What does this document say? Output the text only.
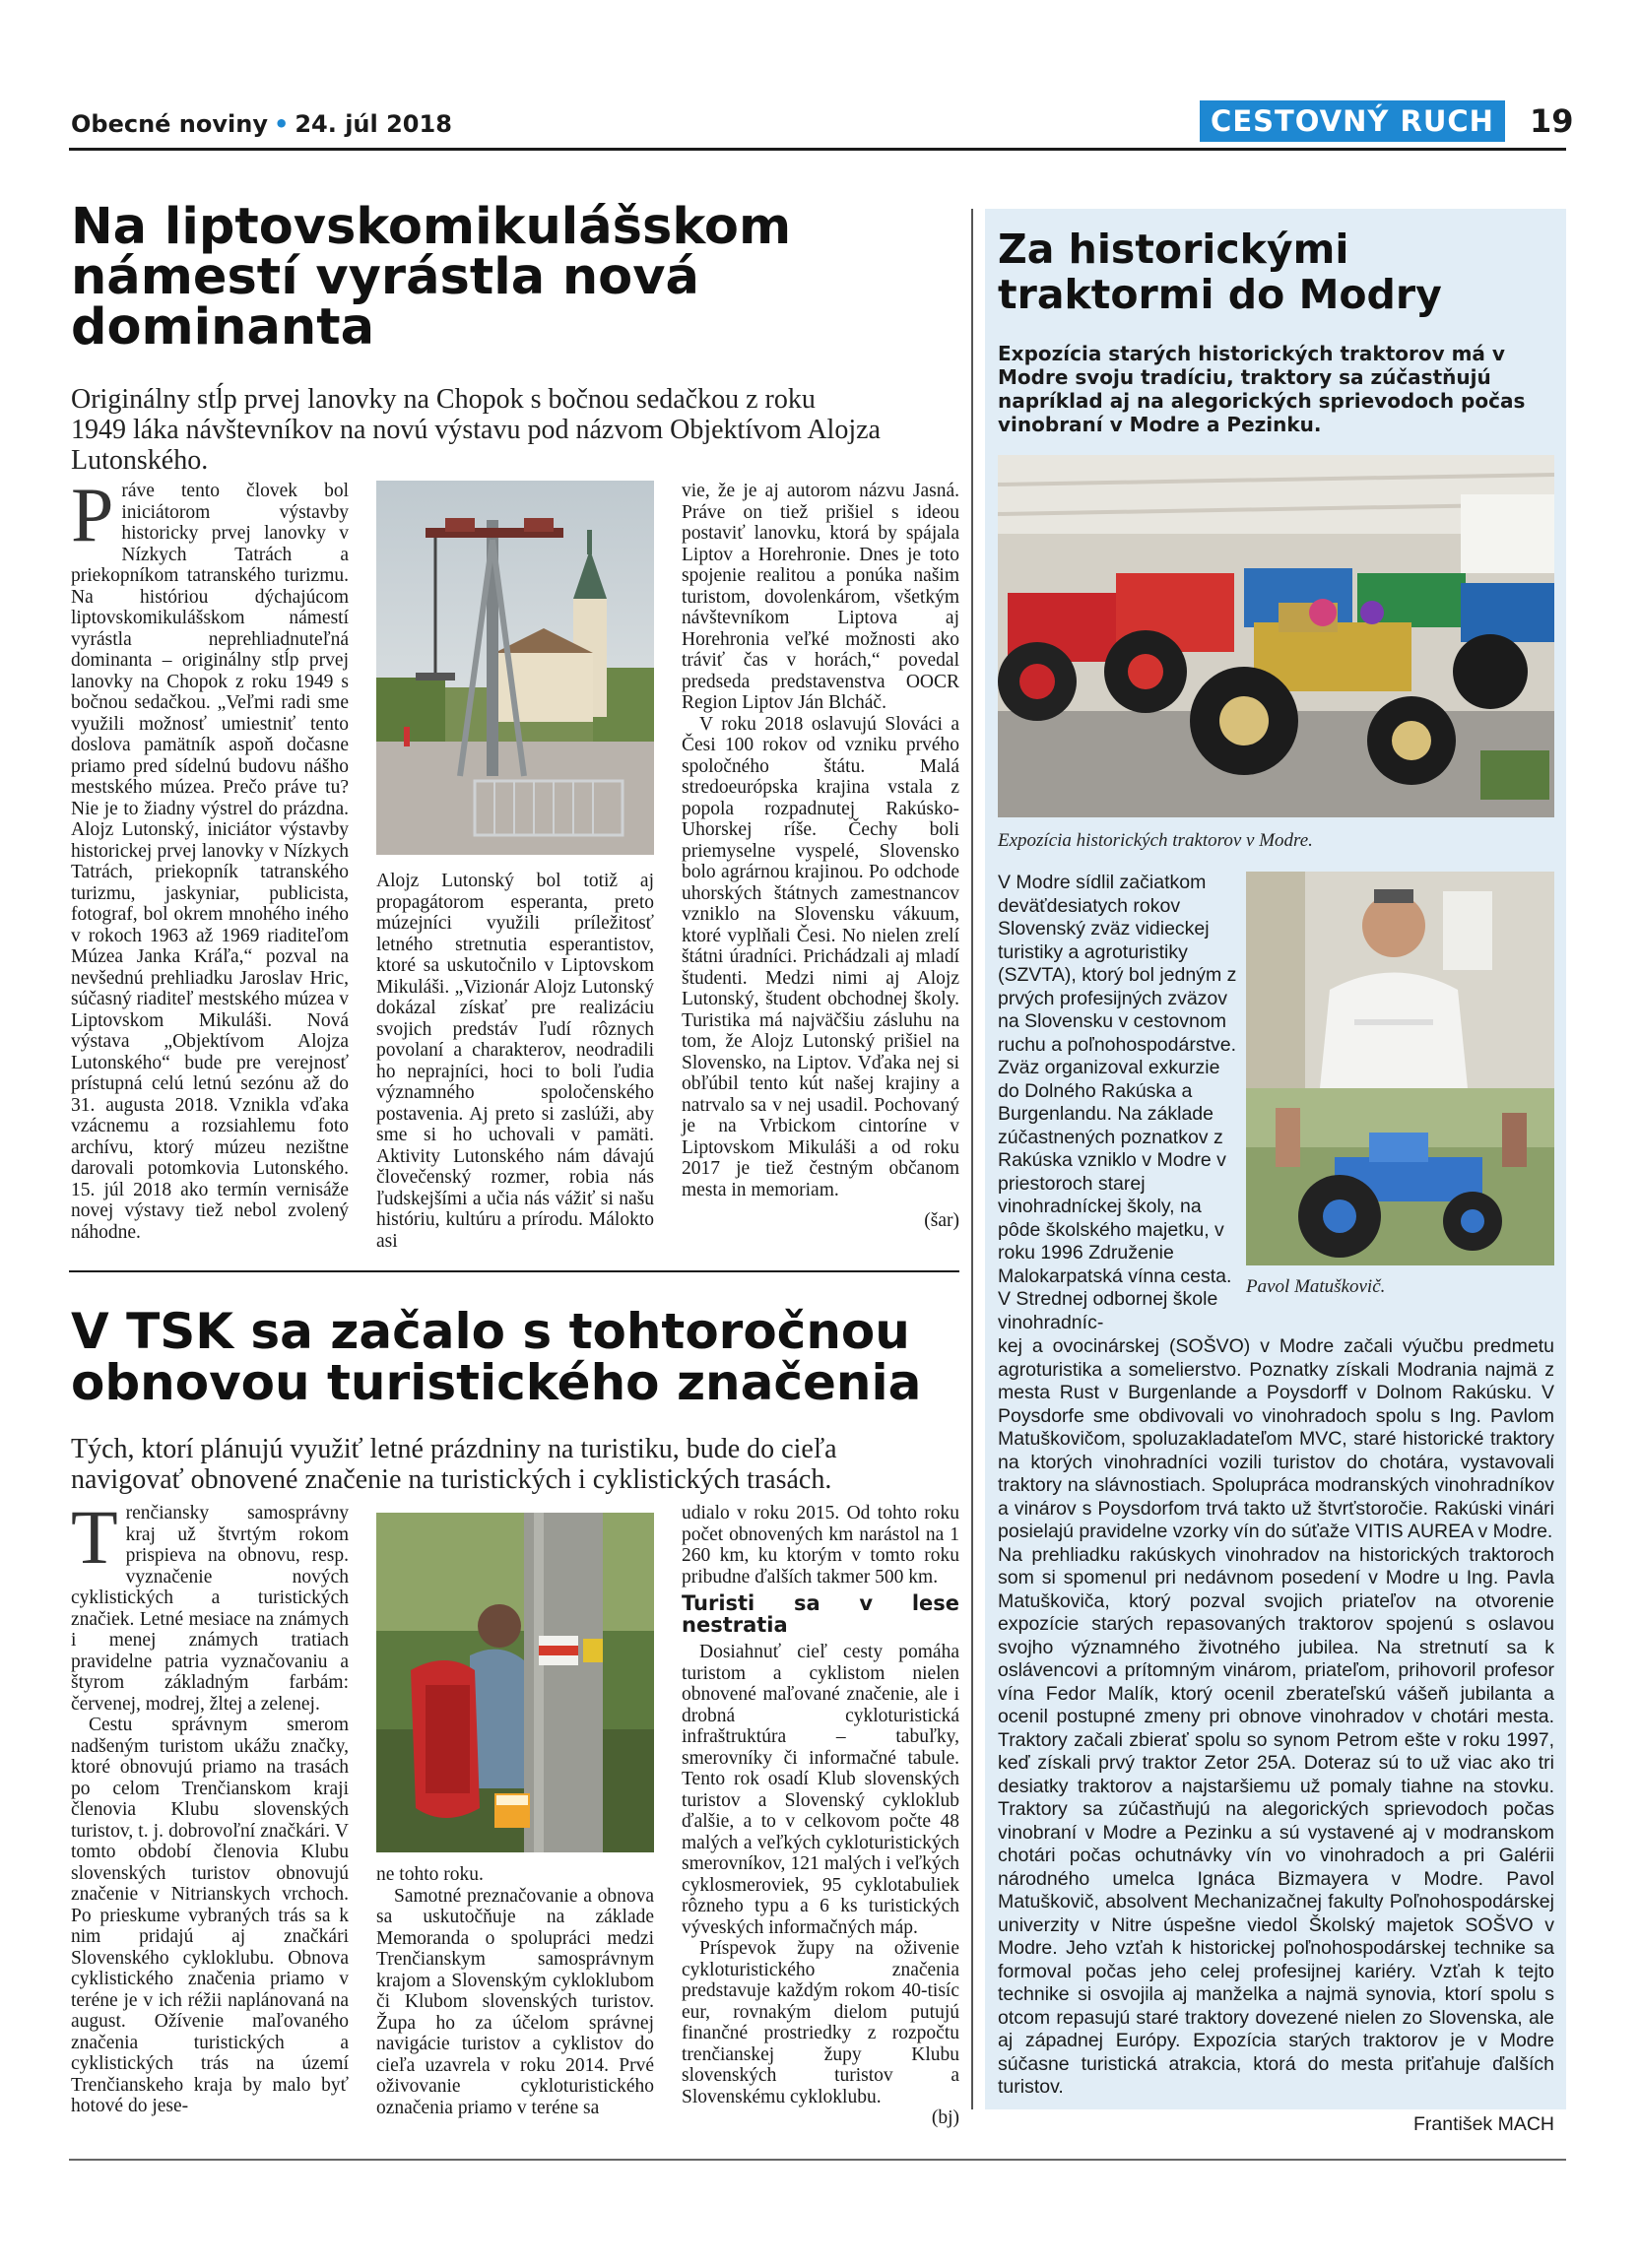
Obecné noviny • 24. júl 2018	CESTOVNÝ RUCH	19
Na liptovskomikulášskom
námestí vyrástla nová
dominanta
Originálny stĺp prvej lanovky na Chopok s bočnou sedačkou z roku
1949 láka návštevníkov na novú výstavu pod názvom Objektívom Alojza
Lutonského.

Práve tento človek bol iniciátorom výstavby historicky prvej lanovky v Nízkych Tatrách a priekopníkom tatranského turizmu. Na históriou dýchajúcom liptovskomikulášskom námestí vyrástla neprehliadnuteľná dominanta – originálny stĺp prvej lanovky na Chopok z roku 1949 s bočnou sedačkou. „Veľmi radi sme využili možnosť umiestniť tento doslova pamätník aspoň dočasne priamo pred sídelnú budovu nášho mestského múzea. Prečo práve tu? Nie je to žiadny výstrel do prázdna. Alojz Lutonský, iniciátor výstavby historickej prvej lanovky v Nízkych Tatrách, priekopník tatranského turizmu, jaskyniar, publicista, fotograf, bol okrem mnohého iného v rokoch 1963 až 1969 riaditeľom Múzea Janka Kráľa,“ pozval na nevšednú prehliadku Jaroslav Hric, súčasný riaditeľ mestského múzea v Liptovskom Mikuláši. Nová výstava „Objektívom Alojza Lutonského“ bude pre verejnosť prístupná celú letnú sezónu až do 31. augusta 2018. Vznikla vďaka vzácnemu a rozsiahlemu foto archívu, ktorý múzeu nezištne darovali potomkovia Lutonského. 15. júl 2018 ako termín vernisáže novej výstavy tiež nebol zvolený náhodne.

Alojz Lutonský bol totiž aj propagátorom esperanta, preto múzejníci využili príležitosť letného stretnutia esperantistov, ktoré sa uskutočnilo v Liptovskom Mikuláši. „Vizionár Alojz Lutonský dokázal získať pre realizáciu svojich predstáv ľudí rôznych povolaní a charakterov, neodradili ho neprajníci, hoci to boli ľudia významného spoločenského postavenia. Aj preto si zaslúži, aby sme si ho uchovali v pamäti. Aktivity Lutonského nám dávajú človečenský rozmer, robia nás ľudskejšími a učia nás vážiť si našu históriu, kultúru a prírodu. Málokto asi

vie, že je aj autorom názvu Jasná. Práve on tiež prišiel s ideou postaviť lanovku, ktorá by spájala Liptov a Horehronie. Dnes je toto spojenie realitou a ponúka našim turistom, dovolenkárom, všetkým návštevníkom Liptova aj Horehronia veľké možnosti ako tráviť čas v horách,“ povedal predseda predstavenstva OOCR Region Liptov Ján Blcháč.

V roku 2018 oslavujú Slováci a Česi 100 rokov od vzniku prvého spoločného štátu. Malá stredoeurópska krajina vstala z popola rozpadnutej Rakúsko-Uhorskej ríše. Čechy boli priemyselne vyspelé, Slovensko bolo agrárnou krajinou. Po odchode uhorských štátnych zamestnancov vzniklo na Slovensku vákuum, ktoré vyplňali Česi. No nielen zrelí štátni úradníci. Prichádzali aj mladí študenti. Medzi nimi aj Alojz Lutonský, študent obchodnej školy. Turistika má najväčšiu zásluhu na tom, že Alojz Lutonský prišiel na Slovensko, na Liptov. Vďaka nej si obľúbil tento kút našej krajiny a natrvalo sa v nej usadil. Pochovaný je na Vrbickom cintoríne v Liptovskom Mikuláši a od roku 2017 je tiež čestným občanom mesta in memoriam.

(šar)
V TSK sa začalo s tohtoročnou
obnovou turistického značenia
Tých, ktorí plánujú využiť letné prázdniny na turistiku, bude do cieľa
navigovať obnovené značenie na turistických i cyklistických trasách.

Trenčiansky samosprávny kraj už štvrtým rokom prispieva na obnovu, resp. vyznačenie nových cyklistických a turistických značiek. Letné mesiace na známych i menej známych tratiach pravidelne patria vyznačovaniu a štyrom základným farbám: červenej, modrej, žltej a zelenej.

Cestu správnym smerom nadšeným turistom ukážu značky, ktoré obnovujú priamo na trasách po celom Trenčianskom kraji členovia Klubu slovenských turistov, t. j. dobrovoľní značkári. V tomto období členovia Klubu slovenských turistov obnovujú značenie v Nitrianskych vrchoch. Po prieskume vybraných trás sa k nim pridajú aj značkári Slovenského cykloklubu. Obnova cyklistického značenia priamo v teréne je v ich réžii naplánovaná na august. Ožívenie maľovaného značenia turistických a cyklistických trás na území Trenčianskeho kraja by malo byť hotové do jese-

ne tohto roku.

Samotné preznačovanie a obnova sa uskutočňuje na základe Memoranda o spolupráci medzi Trenčianskym samosprávnym krajom a Slovenským cykloklubom či Klubom slovenských turistov. Župa ho za účelom správnej navigácie turistov a cyklistov do cieľa uzavrela v roku 2014. Prvé oživovanie cykloturistického označenia priamo v teréne sa

udialo v roku 2015. Od tohto roku počet obnovených km narástol na 1 260 km, ku ktorým v tomto roku pribudne ďalších takmer 500 km.

Turisti sa v lese nestratia

Dosiahnuť cieľ cesty pomáha turistom a cyklistom nielen obnovené maľované značenie, ale i drobná cykloturistická infraštruktúra – tabuľky, smerovníky či informačné tabule. Tento rok osadí Klub slovenských turistov a Slovenský cykloklub ďalšie, a to v celkovom počte 48 malých a veľkých cykloturistických smerovníkov, 121 malých i veľkých cyklosmeroviek, 95 cyklotabuliek rôzneho typu a 6 ks turistických výveských informačných máp.

Príspevok župy na oživenie cykloturistického značenia predstavuje každým rokom 40-tisíc eur, rovnakým dielom putujú finančné prostriedky z rozpočtu trenčianskej župy Klubu slovenských turistov a Slovenskému cykloklubu.

(bj)
Za historickými
traktormi do Modry
Expozícia starých historických traktorov má v Modre svoju tradíciu, traktory sa zúčastňujú napríklad aj na alegorických sprievodoch počas vinobraní v Modre a Pezinku.
Expozícia historických traktorov v Modre.
V Modre sídlil začiatkom deväťdesiatych rokov Slovenský zväz vidieckej turistiky a agroturistiky (SZVTA), ktorý bol jedným z prvých profesijných zväzov na Slovensku v cestovnom ruchu a poľnohospodárstve. Zväz organizoval exkurzie do Dolného Rakúska a Burgenlandu. Na základe zúčastnených poznatkov z Rakúska vzniklo v Modre v priestoroch starej vinohradníckej školy, na pôde školského majetku, v roku 1996 Združenie Malokarpatská vínna cesta. V Strednej odbornej škole vinohradníc-
Pavol Matuškovič.
kej a ovocinárskej (SOŠVO) v Modre začali výučbu predmetu agroturistika a somelierstvo. Poznatky získali Modrania najmä z mesta Rust v Burgenlande a Poysdorff v Dolnom Rakúsku. V Poysdorfe sme obdivovali vo vinohradoch spolu s Ing. Pavlom Matuškovičom, spoluzakladateľom MVC, staré historické traktory na ktorých vinohradníci vozili turistov do chotára, vystavovali traktory na slávnostiach. Spolupráca modranských vinohradníkov a vinárov s Poysdorfom trvá takto už štvrťstoročie. Rakúski vinári posielajú pravidelne vzorky vín do súťaže VITIS AUREA v Modre.
Na prehliadku rakúskych vinohradov na historických traktoroch som si spomenul pri nedávnom posedení v Modre u Ing. Pavla Matuškoviča, ktorý pozval svojich priateľov na otvorenie expozície starých repasovaných traktorov spojenú s oslavou svojho významného životného jubilea. Na stretnutí sa k oslávencovi a prítomným vinárom, priateľom, prihovoril profesor vína Fedor Malík, ktorý ocenil zberateľskú vášeň jubilanta a ocenil postupné zmeny pri obnove vinohradov v chotári mesta. Traktory začali zbierať spolu so synom Petrom ešte v roku 1997, keď získali prvý traktor Zetor 25A. Doteraz sú to už viac ako tri desiatky traktorov a najstaršiemu už pomaly tiahne na stovku. Traktory sa zúčastňujú na alegorických sprievodoch počas vinobraní v Modre a Pezinku a sú vystavené aj v modranskom chotári počas ochutnávky vín vo vinohradoch a pri Galérii národného umelca Ignáca Bizmayera v Modre. Pavol Matuškovič, absolvent Mechanizačnej fakulty Poľnohospodárskej univerzity v Nitre úspešne viedol Školský majetok SOŠVO v Modre. Jeho vzťah k historickej poľnohospodárskej technike sa formoval počas jeho celej profesijnej kariéry. Vzťah k tejto technike si osvojila aj manželka a najmä synovia, ktorí spolu s otcom repasujú staré traktory dovezené nielen zo Slovenska, ale aj západnej Európy. Expozícia starých traktorov je v Modre súčasne turistická atrakcia, ktorá do mesta priťahuje ďalších turistov.
František MACH
